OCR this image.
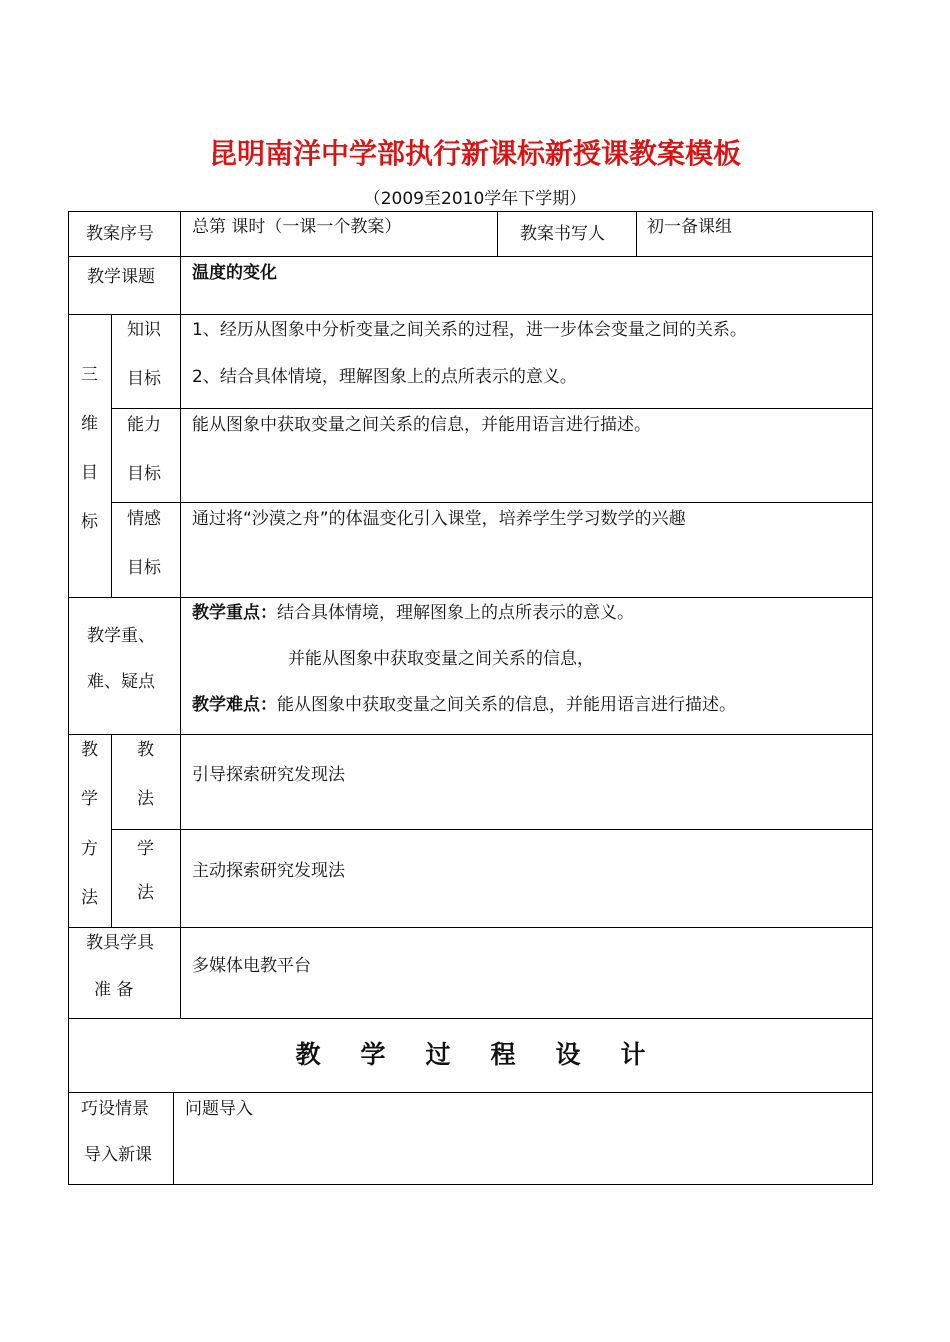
昆明南洋中学部执行新课标新授课教案模板
（2009至2010学年下学期）
教案序号 总第 课时（一课一个教案）	教案书写人 初一备课组
教学课题 温度的变化
三
维
目
标
知识
目标
1、经历从图象中分析变量之间关系的过程，进一步体会变量之间的关系。
2、结合具体情境，理解图象上的点所表示的意义。
能力
目标
能从图象中获取变量之间关系的信息，并能用语言进行描述。
情感
目标
通过将“沙漠之舟”的体温变化引入课堂，培养学生学习数学的兴趣
教学重、
难、疑点
教学重点：结合具体情境，理解图象上的点所表示的意义。
并能从图象中获取变量之间关系的信息，
教学难点：能从图象中获取变量之间关系的信息，并能用语言进行描述。
教
学
方
法
教
法
引导探索研究发现法
学
法
主动探索研究发现法
教具学具
准 备
多媒体电教平台
教学过程设计
巧设情景
导入新课
问题导入
